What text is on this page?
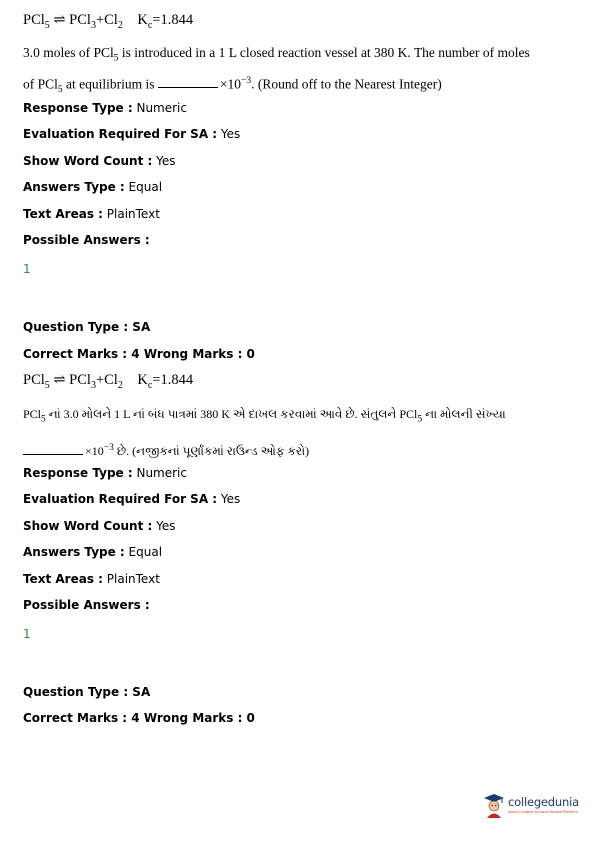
PCl$_5$ ⇌ $PCl_3+Cl_2$ $K_c=1.844$
3.0 moles of PCl$_5$ is introduced in a 1 L closed reaction vessel at 380 K. The number of moles
of PCl$_5$ at equilibrium is	$\times 10^{-3}$. (Round off to the Nearest Integer)
Response Type : Numeric
Evaluation Required For SA : Yes
Show Word Count : Yes
Answers Type : Equal
Text Areas : PlainText
Possible Answers :
1
Question Type : SA
Correct Marks : 4 Wrong Marks : 0
PCl$_5$ ⇌ $PCl_3+Cl_2$ $K_c=1.844$
PCl$_5$ નાં 3.0 મોલને 1 L નાં બંધ પાત્રમાં 380 K એ દાખલ કરવામાં આવે છે. સંતુલને PCl$_5$ ના મોલની સંખ્યા
$\times 10^{-3}$ છે. (નજીકનાં પૂર્ણાંકમાં રાઉન્ડ ઓફ કરો)
Response Type : Numeric
Evaluation Required For SA : Yes
Show Word Count : Yes
Answers Type : Equal
Text Areas : PlainText
Possible Answers :
1
Question Type : SA
Correct Marks : 4 Wrong Marks : 0
collegedunia
India's Largest Student Review Platform
